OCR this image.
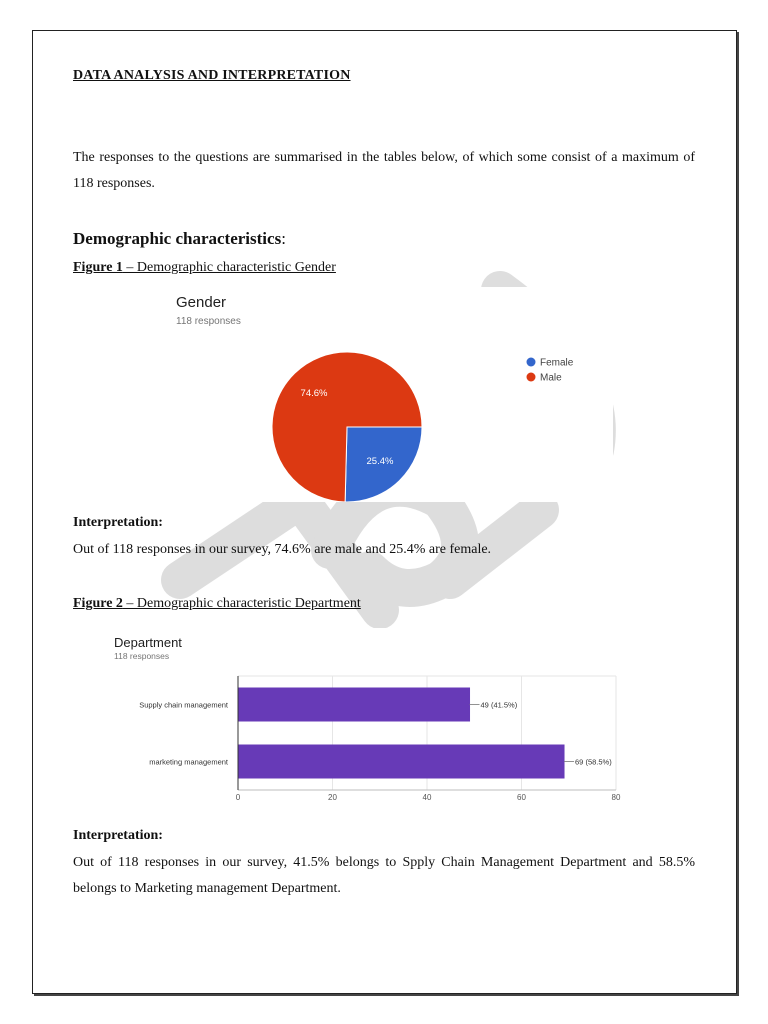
DATA ANALYSIS AND INTERPRETATION
The responses to the questions are summarised in the tables below, of which some consist of a maximum of 118 responses.
Demographic characteristics:
Figure 1 – Demographic characteristic Gender
Gender
118 responses
25.4%
74.6%
Female
Male
Interpretation:
Out of 118 responses in our survey, 74.6% are male and 25.4% are female.
Figure 2 – Demographic characteristic Department
Department
118 responses
0	20	40	60	80
Supply chain management	49 (41.5%)
marketing management	69 (58.5%)
Interpretation:
Out of 118 responses in our survey, 41.5% belongs to Spply Chain Management Department and 58.5% belongs to Marketing management Department.
